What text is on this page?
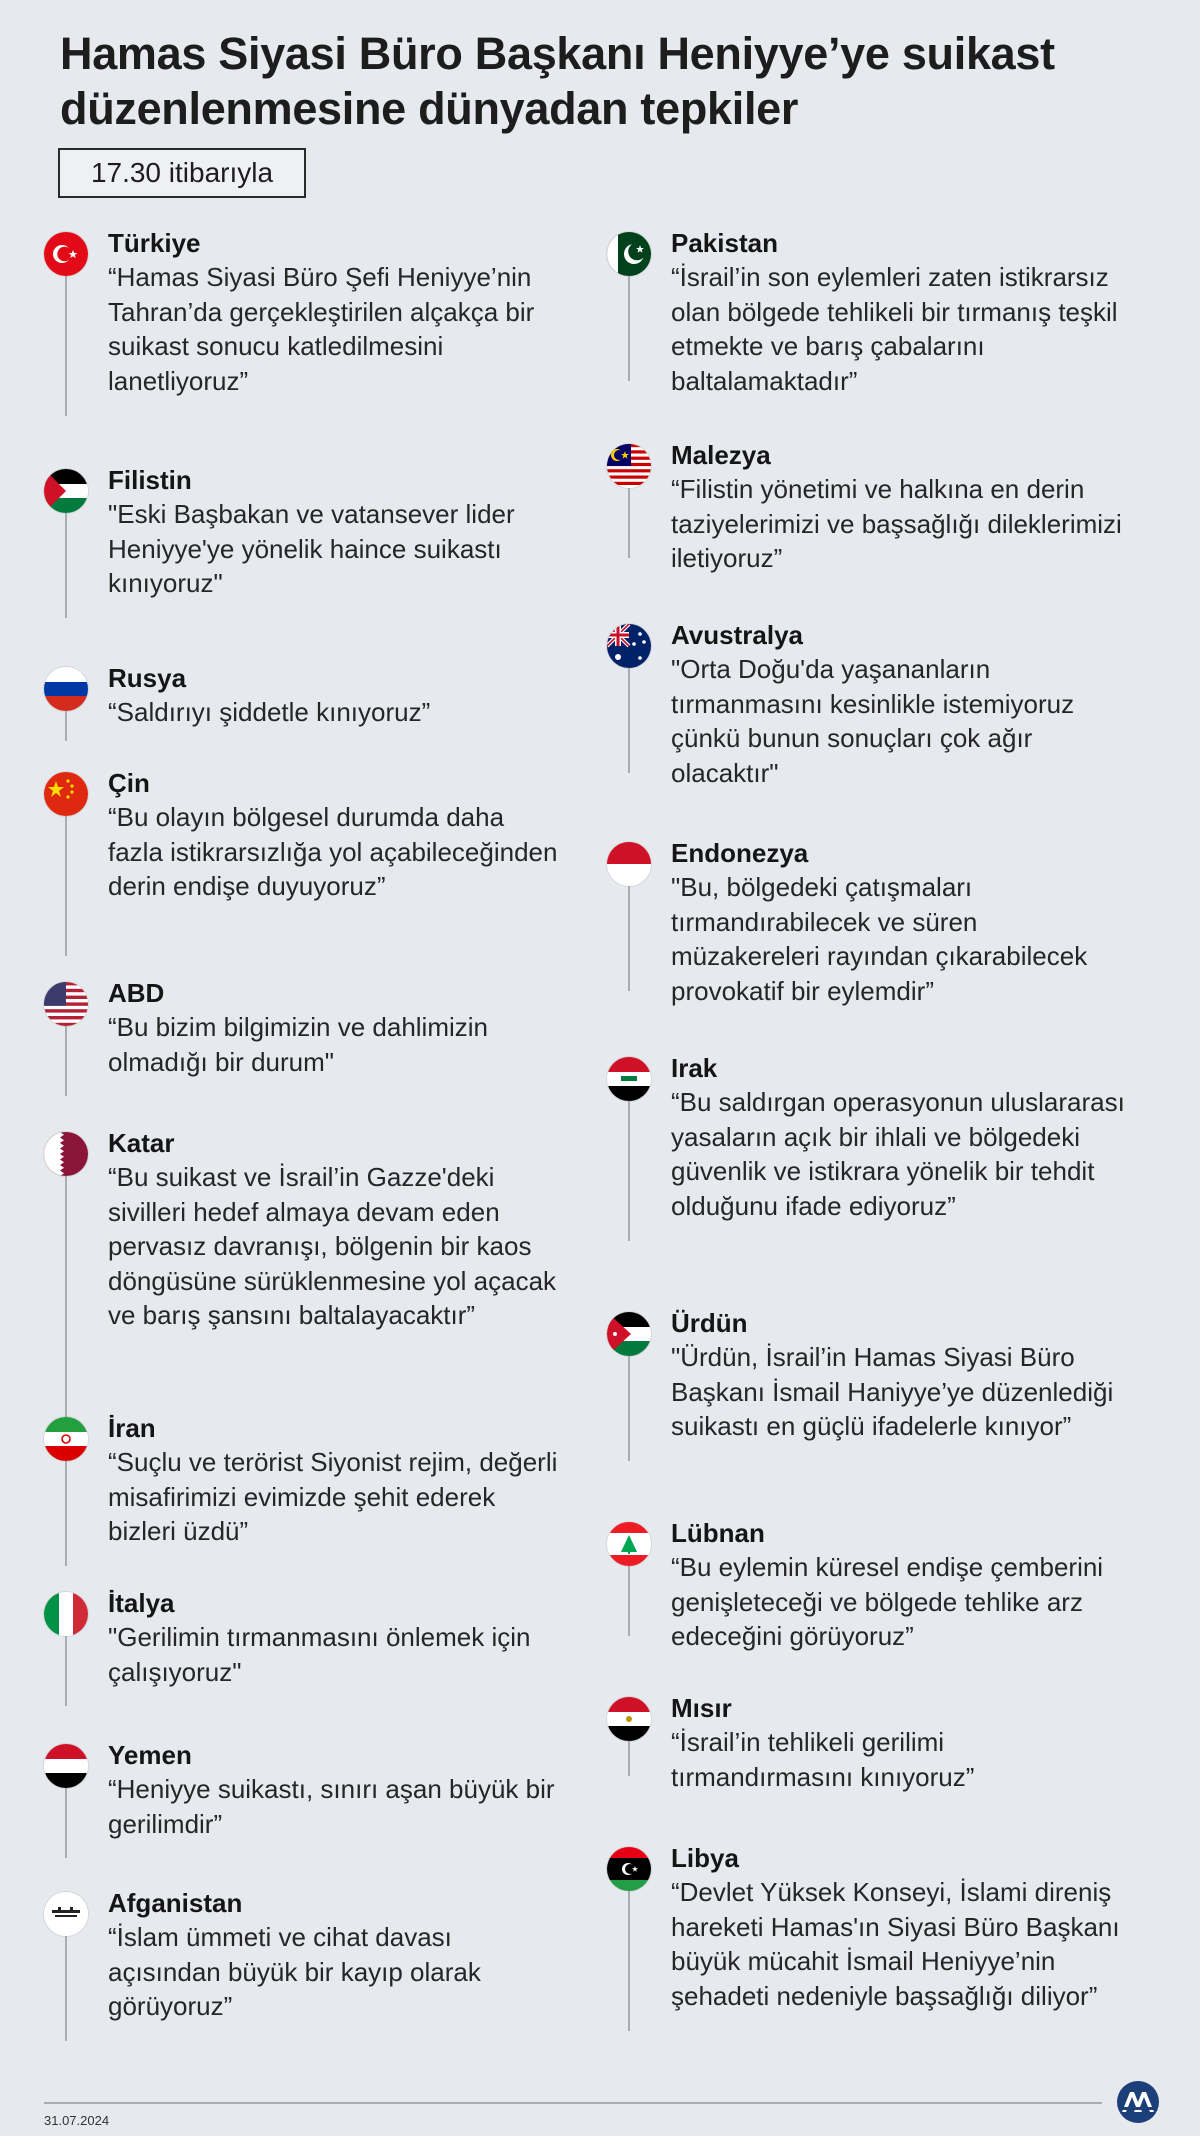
Hamas Siyasi Büro Başkanı Heniyye’ye suikast düzenlenmesine dünyadan tepkiler
17.30 itibarıyla
Türkiye
“Hamas Siyasi Büro Şefi Heniyye’nin Tahran’da gerçekleştirilen alçakça bir suikast sonucu katledilmesini lanetliyoruz”
Filistin
"Eski Başbakan ve vatansever lider Heniyye'ye yönelik haince suikastı kınıyoruz"
Rusya
“Saldırıyı şiddetle kınıyoruz”
Çin
“Bu olayın bölgesel durumda daha fazla istikrarsızlığa yol açabileceğinden derin endişe duyuyoruz”
ABD
“Bu bizim bilgimizin ve dahlimizin olmadığı bir durum"
Katar
“Bu suikast ve İsrail’in Gazze'deki sivilleri hedef almaya devam eden pervasız davranışı, bölgenin bir kaos döngüsüne sürüklenmesine yol açacak ve barış şansını baltalayacaktır”
İran
“Suçlu ve terörist Siyonist rejim, değerli misafirimizi evimizde şehit ederek bizleri üzdü”
İtalya
"Gerilimin tırmanmasını önlemek için çalışıyoruz"
Yemen
“Heniyye suikastı, sınırı aşan büyük bir gerilimdir”
Afganistan
“İslam ümmeti ve cihat davası açısından büyük bir kayıp olarak görüyoruz”
Pakistan
“İsrail’in son eylemleri zaten istikrarsız olan bölgede tehlikeli bir tırmanış teşkil etmekte ve barış çabalarını baltalamaktadır”
Malezya
“Filistin yönetimi ve halkına en derin taziyelerimizi ve başsağlığı dileklerimizi iletiyoruz”
Avustralya
"Orta Doğu'da yaşananların tırmanmasını kesinlikle istemiyoruz çünkü bunun sonuçları çok ağır olacaktır"
Endonezya
"Bu, bölgedeki çatışmaları tırmandırabilecek ve süren müzakereleri rayından çıkarabilecek provokatif bir eylemdir”
Irak
“Bu saldırgan operasyonun uluslararası yasaların açık bir ihlali ve bölgedeki güvenlik ve istikrara yönelik bir tehdit olduğunu ifade ediyoruz”
Ürdün
"Ürdün, İsrail’in Hamas Siyasi Büro Başkanı İsmail Haniyye’ye düzenlediği suikastı en güçlü ifadelerle kınıyor”
Lübnan
“Bu eylemin küresel endişe çemberini genişleteceği ve bölgede tehlike arz edeceğini görüyoruz”
Mısır
“İsrail’in tehlikeli gerilimi tırmandırmasını kınıyoruz”
Libya
“Devlet Yüksek Konseyi, İslami direniş hareketi Hamas'ın Siyasi Büro Başkanı büyük mücahit İsmail Heniyye’nin şehadeti nedeniyle başsağlığı diliyor”
31.07.2024
